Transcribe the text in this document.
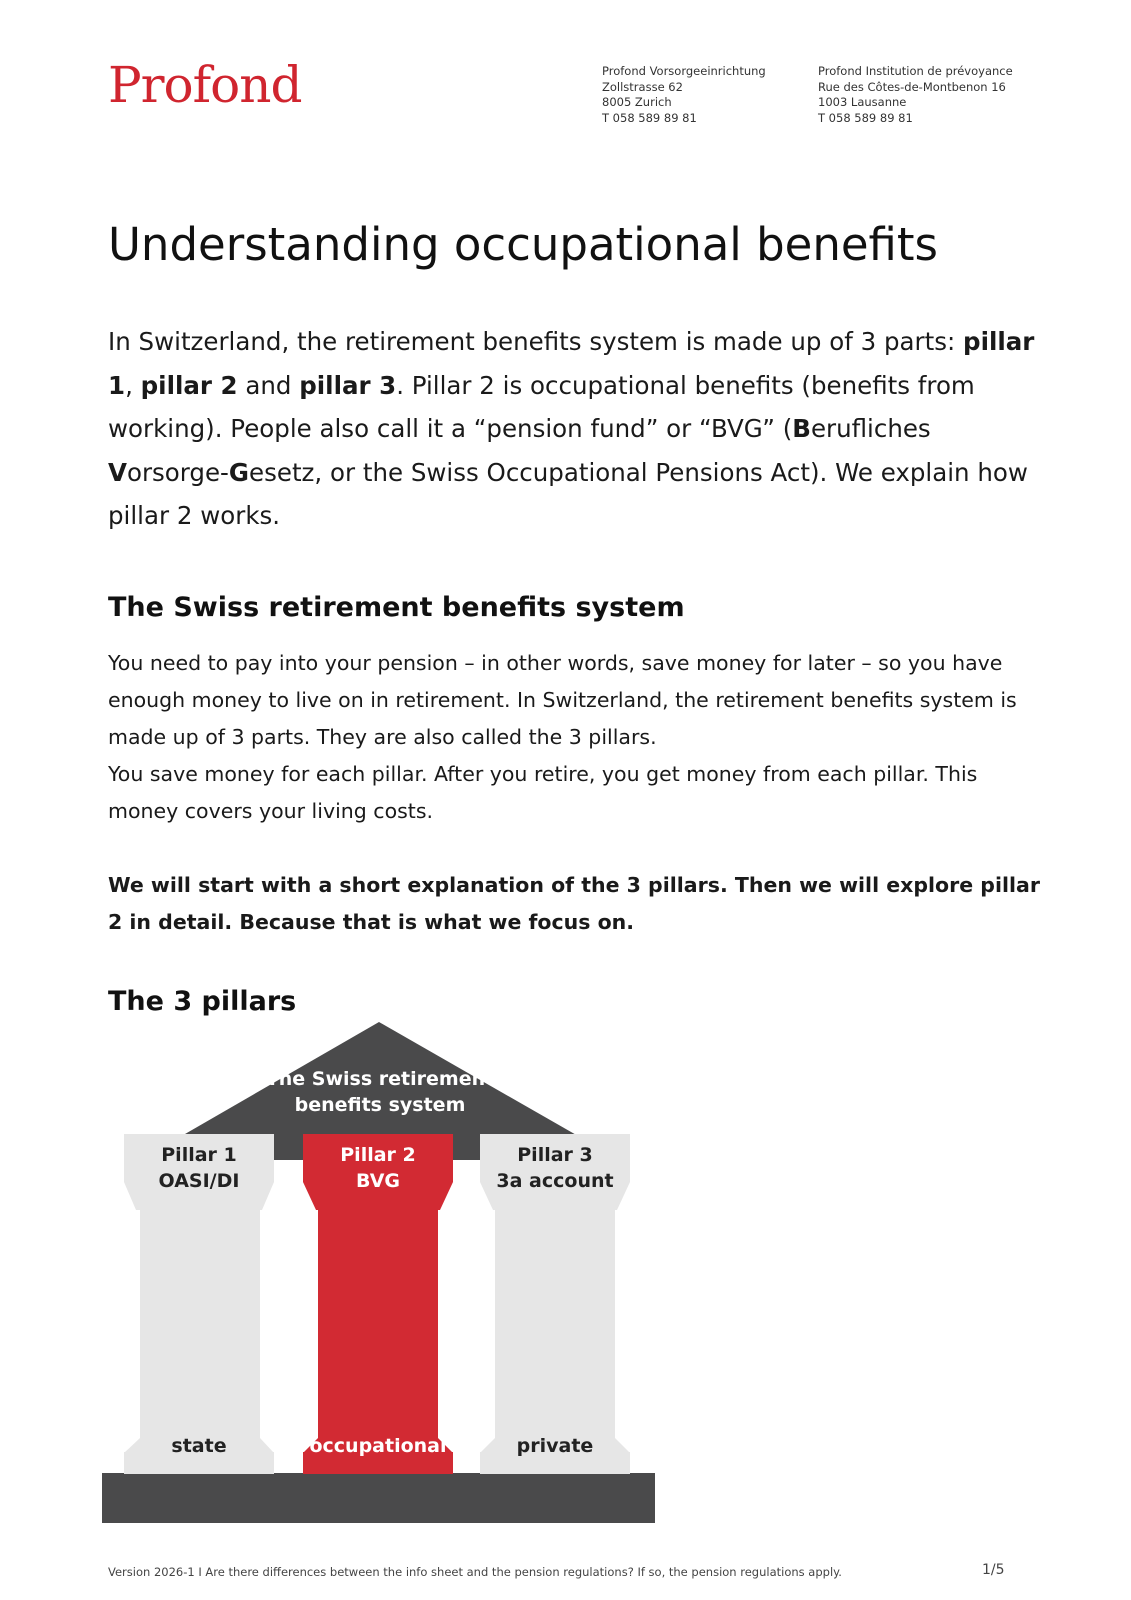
Profond	Profond Vorsorgeeinrichtung
Zollstrasse 62
8005 Zurich
T 058 589 89 81
Profond Institution de prévoyance
Rue des Côtes-de-Montbenon 16
1003 Lausanne
T 058 589 89 81
Understanding occupational benefits

In Switzerland, the retirement benefits system is made up of 3 parts: pillar 1, pillar 2 and pillar 3. Pillar 2 is occupational benefits (benefits from working). People also call it a “pension fund” or “BVG” (Berufliches Vorsorge-Gesetz, or the Swiss Occupational Pensions Act). We explain how pillar 2 works.

The Swiss retirement benefits system

You need to pay into your pension – in other words, save money for later – so you have enough money to live on in retirement. In Switzerland, the retirement benefits system is made up of 3 parts. They are also called the 3 pillars.
You save money for each pillar. After you retire, you get money from each pillar. This money covers your living costs.

We will start with a short explanation of the 3 pillars. Then we will explore pillar 2 in detail. Because that is what we focus on.

The 3 pillars
The Swiss retirement
benefits system
Pillar 1
OASI/DI
Pillar 2
BVG
Pillar 3
3a account
state	occupational	private
Version 2026-1 I Are there differences between the info sheet and the pension regulations? If so, the pension regulations apply.	1/5
